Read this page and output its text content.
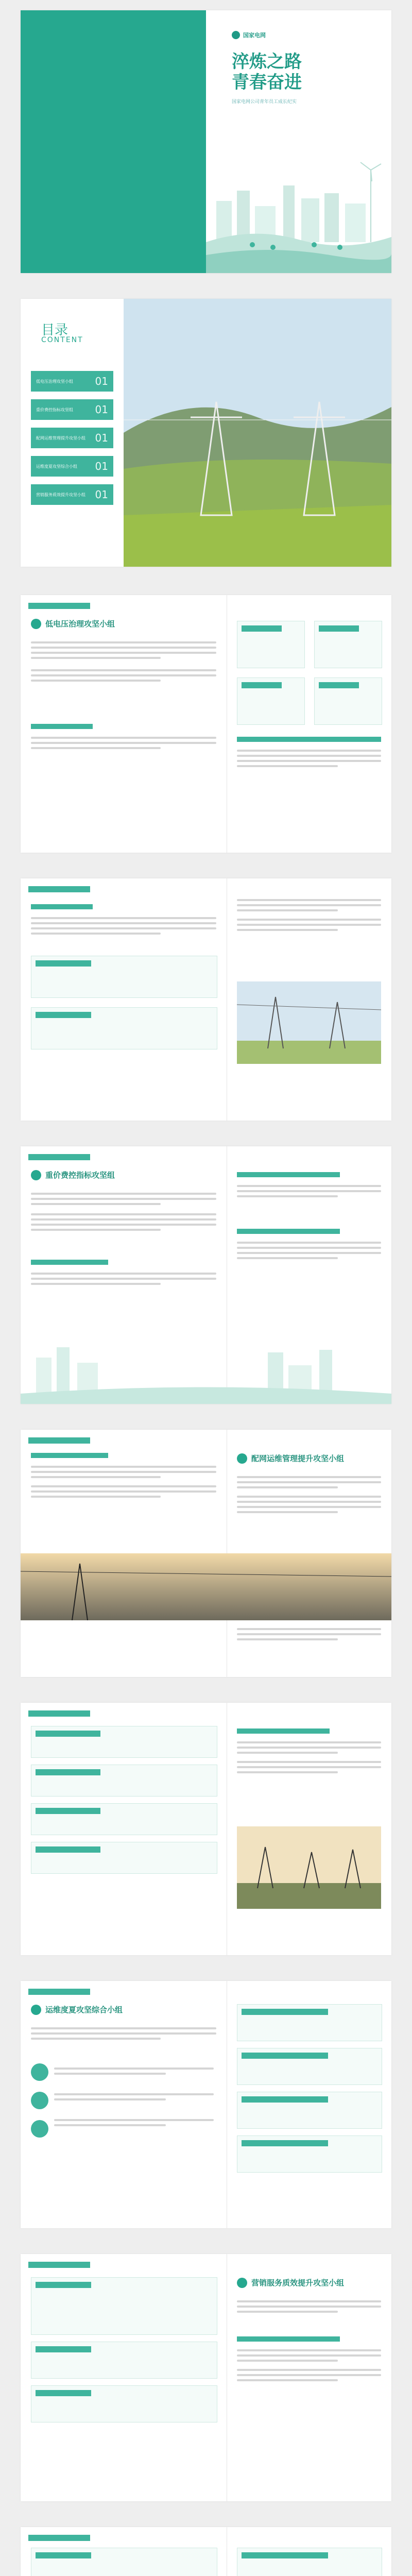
国家电网
淬炼之路
青春奋进
国家电网公司青年员工成长纪实
目录
CONTENT
低电压治理攻坚小组 01
重价费控指标攻坚组 01
配网运维管理提升攻坚小组 01
运维度夏攻坚综合小组 01
营销服务质效提升攻坚小组 01
低电压治理攻坚小组
重价费控指标攻坚组
配网运维管理提升攻坚小组
运维度夏攻坚综合小组
营销服务质效提升攻坚小组
